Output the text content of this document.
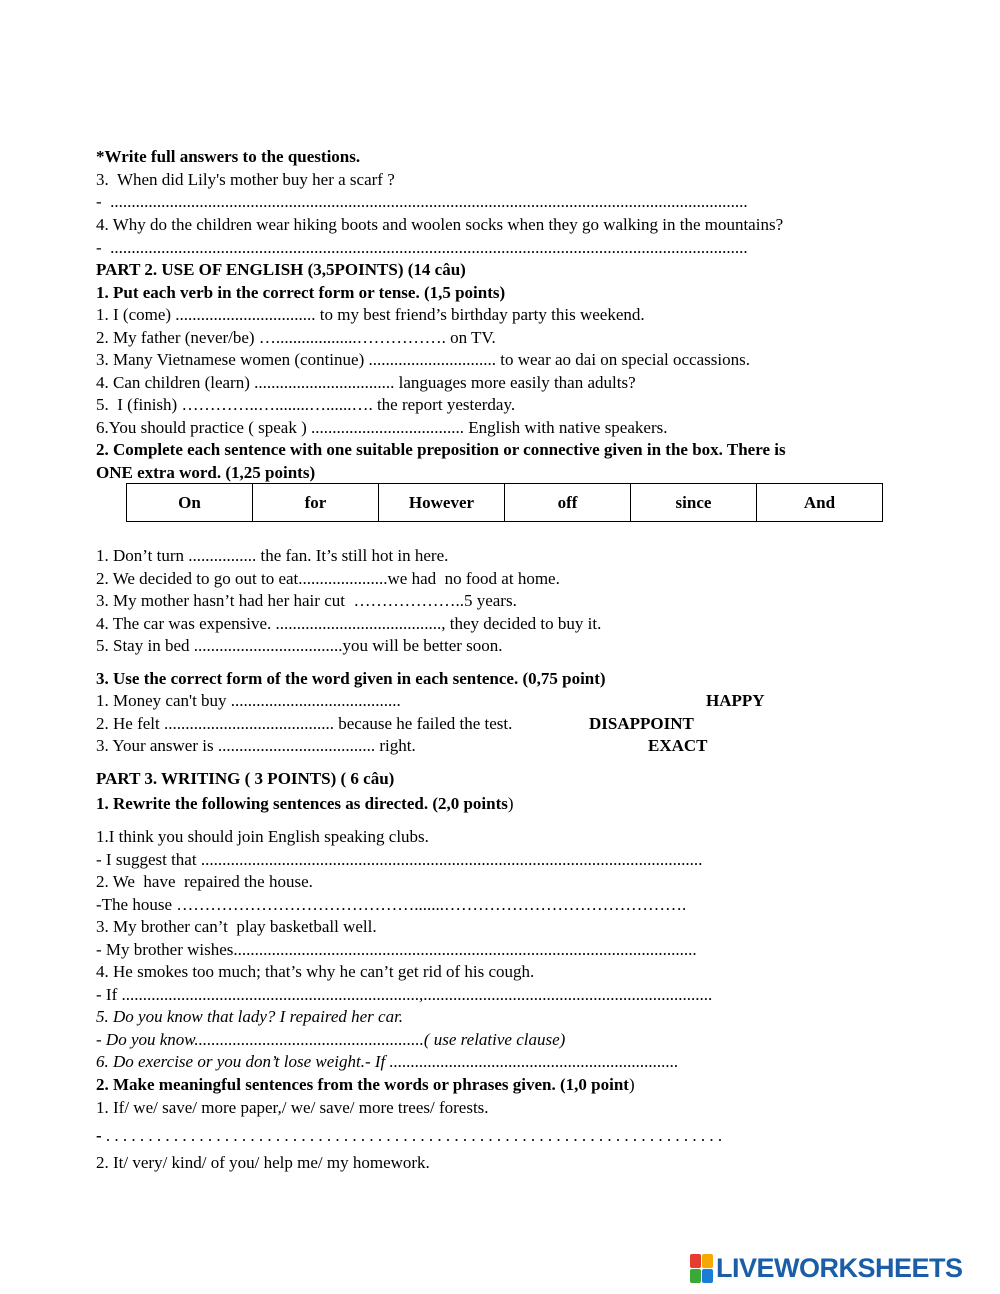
*Write full answers to the questions.
3.  When did Lily's mother buy her a scarf ?
-  ......................................................................................................................................................
4. Why do the children wear hiking boots and woolen socks when they go walking in the mountains?
-  ......................................................................................................................................................
PART 2. USE OF ENGLISH (3,5POINTS) (14 câu)
1. Put each verb in the correct form or tense. (1,5 points)
1. I (come) ................................. to my best friend’s birthday party this weekend.
2. My father (never/be) …...................……………. on TV.
3. Many Vietnamese women (continue) .............................. to wear ao dai on special occassions.
4. Can children (learn) ................................. languages more easily than adults?
5.  I (finish) …………..…........…......…. the report yesterday.
6.You should practice ( speak ) .................................... English with native speakers.
2. Complete each sentence with one suitable preposition or connective given in the box. There is
ONE extra word. (1,25 points)
On	for	However	off	since	And
1. Don’t turn ................ the fan. It’s still hot in here.
2. We decided to go out to eat.....................we had  no food at home.
3. My mother hasn’t had her hair cut  ………………..5 years.
4. The car was expensive. ......................................., they decided to buy it.
5. Stay in bed ...................................you will be better soon.
3. Use the correct form of the word given in each sentence. (0,75 point)
1. Money can't buy ........................................	HAPPY
2. He felt ........................................ because he failed the test.	DISAPPOINT
3. Your answer is ..................................... right.	EXACT
PART 3. WRITING ( 3 POINTS) ( 6 câu)
1. Rewrite the following sentences as directed. (2,0 points)
1.I think you should join English speaking clubs.
- I suggest that ......................................................................................................................
2. We  have  repaired the house.
-The house …………………………………….......…………………………………….
3. My brother can’t  play basketball well.
- My brother wishes.............................................................................................................
4. He smokes too much; that’s why he can’t get rid of his cough.
- If ......................................................................,....................................................................
5. Do you know that lady? I repaired her car.
- Do you know......................................................( use relative clause)
6. Do exercise or you don’t lose weight.- If ....................................................................
2. Make meaningful sentences from the words or phrases given. (1,0 point)
1. If/ we/ save/ more paper,/ we/ save/ more trees/ forests.
- . . . . . . . . . . . . . . . . . . . . . . . . . . . . . . . . . . . . . . . . . . . . . . . . . . . . . . . . . . . . . . . . . . . . . . . . .
2. It/ very/ kind/ of you/ help me/ my homework.
LIVEWORKSHEETS
